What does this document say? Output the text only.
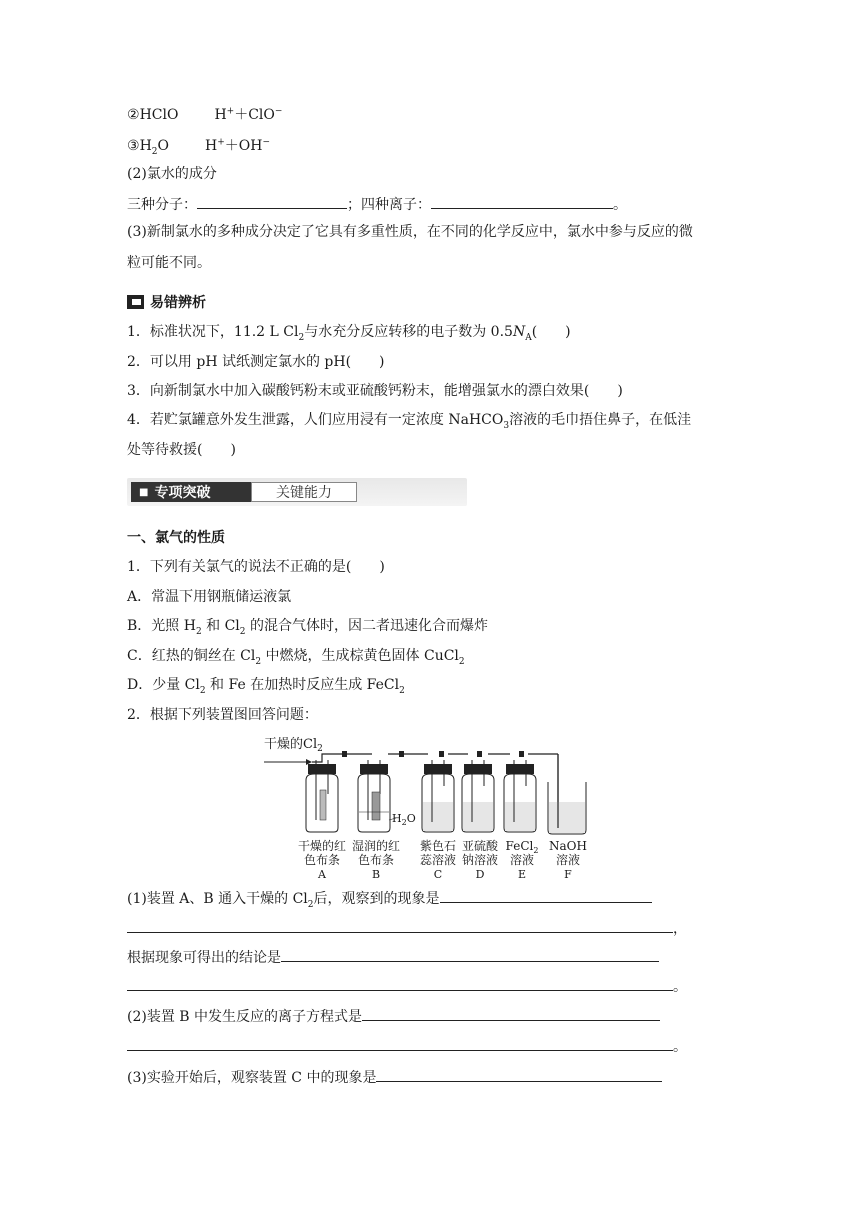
②HClO	H+＋ClO−
$③H_2O$	H+＋OH−
(2)氯水的成分
三种分子：	；四种离子：	。
(3)新制氯水的多种成分决定了它具有多重性质，在不同的化学反应中，氯水中参与反应的微
粒可能不同。
易错辨析
1．标准状况下，11.2 L $Cl_2$与水充分反应转移的电子数为 $0.5N_A$(　　)
2．可以用 pH 试纸测定氯水的 pH(　　)
3．向新制氯水中加入碳酸钙粉末或亚硫酸钙粉末，能增强氯水的漂白效果(　　)
4．若贮氯罐意外发生泄露，人们应用浸有一定浓度 NaHCO$_3$溶液的毛巾捂住鼻子，在低洼
处等待救援(　　)
■ 专项突破	关键能力
一、氯气的性质
1．下列有关氯气的说法不正确的是(　　)
A．常温下用钢瓶储运液氯
B．光照 $H_2$ 和 $Cl_2$ 的混合气体时，因二者迅速化合而爆炸
C．红热的铜丝在 $Cl_2$ 中燃烧，生成棕黄色固体 CuCl$_2$
D．少量 $Cl_2$ 和 Fe 在加热时反应生成 FeCl$_2$
2．根据下列装置图回答问题：
干燥的$Cl_2$
$H_2O$
干燥的红
色布条
A
湿润的红
色布条
B
紫色石
蕊溶液
C
亚硫酸
钠溶液
D
FeCl$_2$
溶液
E
NaOH
溶液
F
(1)装置 A、B 通入干燥的 $Cl_2$后，观察到的现象是
，
根据现象可得出的结论是
。
(2)装置 B 中发生反应的离子方程式是
。
(3)实验开始后，观察装置 C 中的现象是
